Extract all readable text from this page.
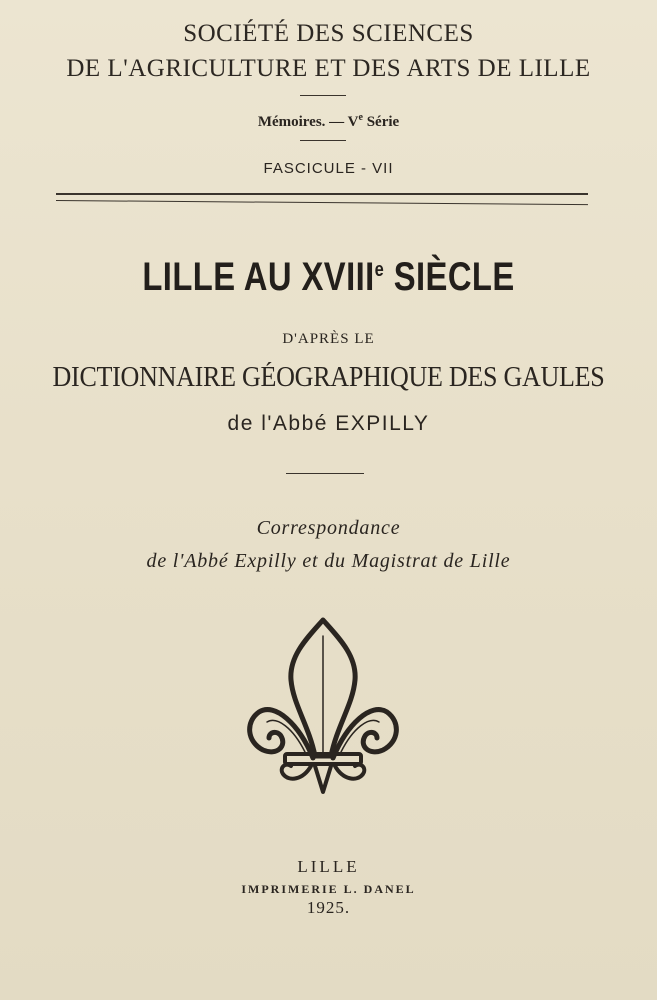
SOCIÉTÉ DES SCIENCES
DE L'AGRICULTURE ET DES ARTS DE LILLE
Mémoires. — Ve Série
FASCICULE - VII
LILLE AU XVIIIe SIÈCLE
D'APRÈS LE
DICTIONNAIRE GÉOGRAPHIQUE DES GAULES
de l'Abbé EXPILLY
Correspondance
de l'Abbé Expilly et du Magistrat de Lille
LILLE
IMPRIMERIE L. DANEL
1925.
